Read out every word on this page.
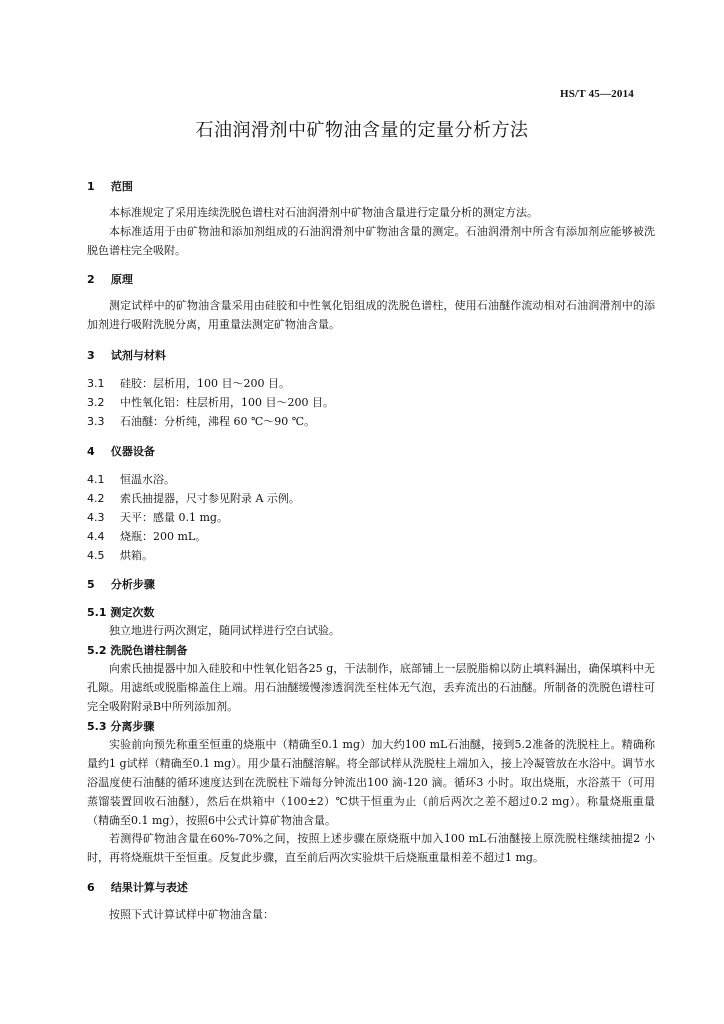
HS/T 45—2014
石油润滑剂中矿物油含量的定量分析方法
1 范围
本标准规定了采用连续洗脱色谱柱对石油润滑剂中矿物油含量进行定量分析的测定方法。
本标准适用于由矿物油和添加剂组成的石油润滑剂中矿物油含量的测定。石油润滑剂中所含有添加剂应能够被洗脱色谱柱完全吸附。
2 原理
测定试样中的矿物油含量采用由硅胶和中性氧化铝组成的洗脱色谱柱，使用石油醚作流动相对石油润滑剂中的添加剂进行吸附洗脱分离，用重量法测定矿物油含量。
3 试剂与材料
3.1 硅胶：层析用，100 目～200 目。
3.2 中性氧化铝：柱层析用，100 目～200 目。
3.3 石油醚：分析纯，沸程 60 ℃～90 ℃。
4 仪器设备
4.1 恒温水浴。
4.2 索氏抽提器，尺寸参见附录 A 示例。
4.3 天平：感量 0.1 mg。
4.4 烧瓶：200 mL。
4.5 烘箱。
5 分析步骤
5.1 测定次数
独立地进行两次测定，随同试样进行空白试验。
5.2 洗脱色谱柱制备
向索氏抽提器中加入硅胶和中性氧化铝各25 g，干法制作，底部铺上一层脱脂棉以防止填料漏出，确保填料中无孔隙。用滤纸或脱脂棉盖住上端。用石油醚缓慢渗透润洗至柱体无气泡，丢弃流出的石油醚。所制备的洗脱色谱柱可完全吸附附录B中所列添加剂。
5.3 分离步骤
实验前向预先称重至恒重的烧瓶中（精确至0.1 mg）加大约100 mL石油醚，接到5.2准备的洗脱柱上。精确称量约1 g试样（精确至0.1 mg）。用少量石油醚溶解。将全部试样从洗脱柱上端加入，接上冷凝管放在水浴中。调节水浴温度使石油醚的循环速度达到在洗脱柱下端每分钟流出100 滴-120 滴。循环3 小时。取出烧瓶，水浴蒸干（可用蒸馏装置回收石油醚），然后在烘箱中（100±2）℃烘干恒重为止（前后两次之差不超过0.2 mg）。称量烧瓶重量（精确至0.1 mg），按照6中公式计算矿物油含量。
若测得矿物油含量在60%-70%之间，按照上述步骤在原烧瓶中加入100 mL石油醚接上原洗脱柱继续抽提2 小时，再将烧瓶烘干至恒重。反复此步骤，直至前后两次实验烘干后烧瓶重量相差不超过1 mg。
6 结果计算与表述
按照下式计算试样中矿物油含量：
